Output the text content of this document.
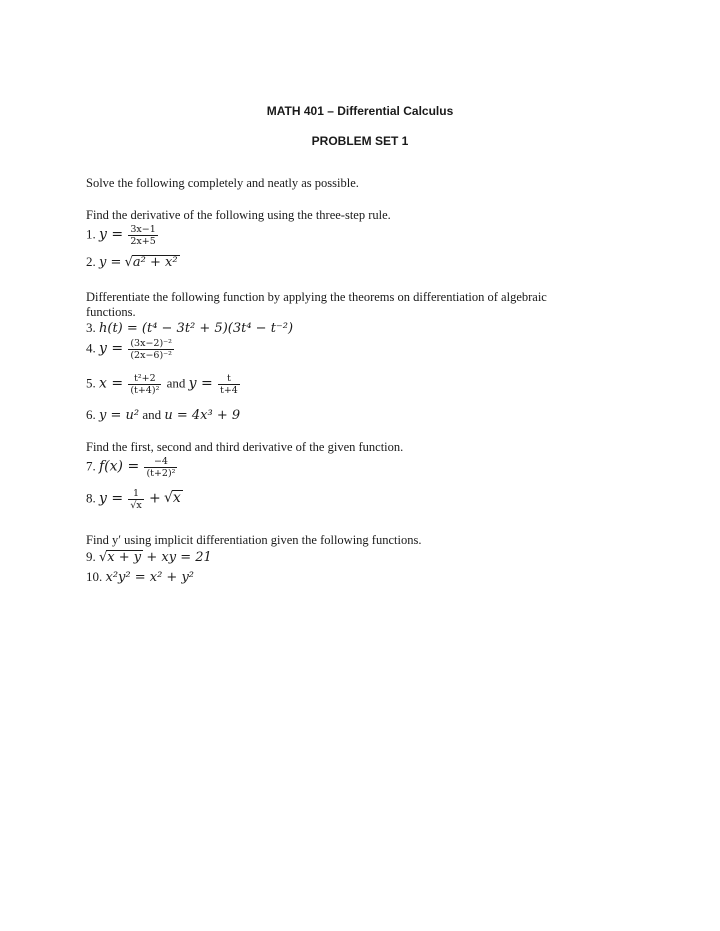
MATH 401 – Differential Calculus
PROBLEM SET 1
Solve the following completely and neatly as possible.
Find the derivative of the following using the three-step rule.
1. $y = \frac{3x-1}{2x+5}$
2. y = √a² + x²
Differentiate the following function by applying the theorems on differentiation of algebraic
functions.
3. h(t) = (t⁴ − 3t² + 5)(3t⁴ − t⁻²)
4. $y = \frac{\text{(3x−2)⁻²}}{\text{(2x−6)⁻²}}$
5. $x = \frac{\text{t²+2}}{\text{(t+4)²}}$ and $y = \frac{t}{t+4}$
6. y = u² and u = 4x³ + 9
Find the first, second and third derivative of the given function.
7. $f(x) = \frac{-4}{\text{(t+2)²}}$
8. $y = \frac{1}{√x} + √x$
Find y′ using implicit differentiation given the following functions.
9. √x + y + xy = 21
10. x²y² = x² + y²
